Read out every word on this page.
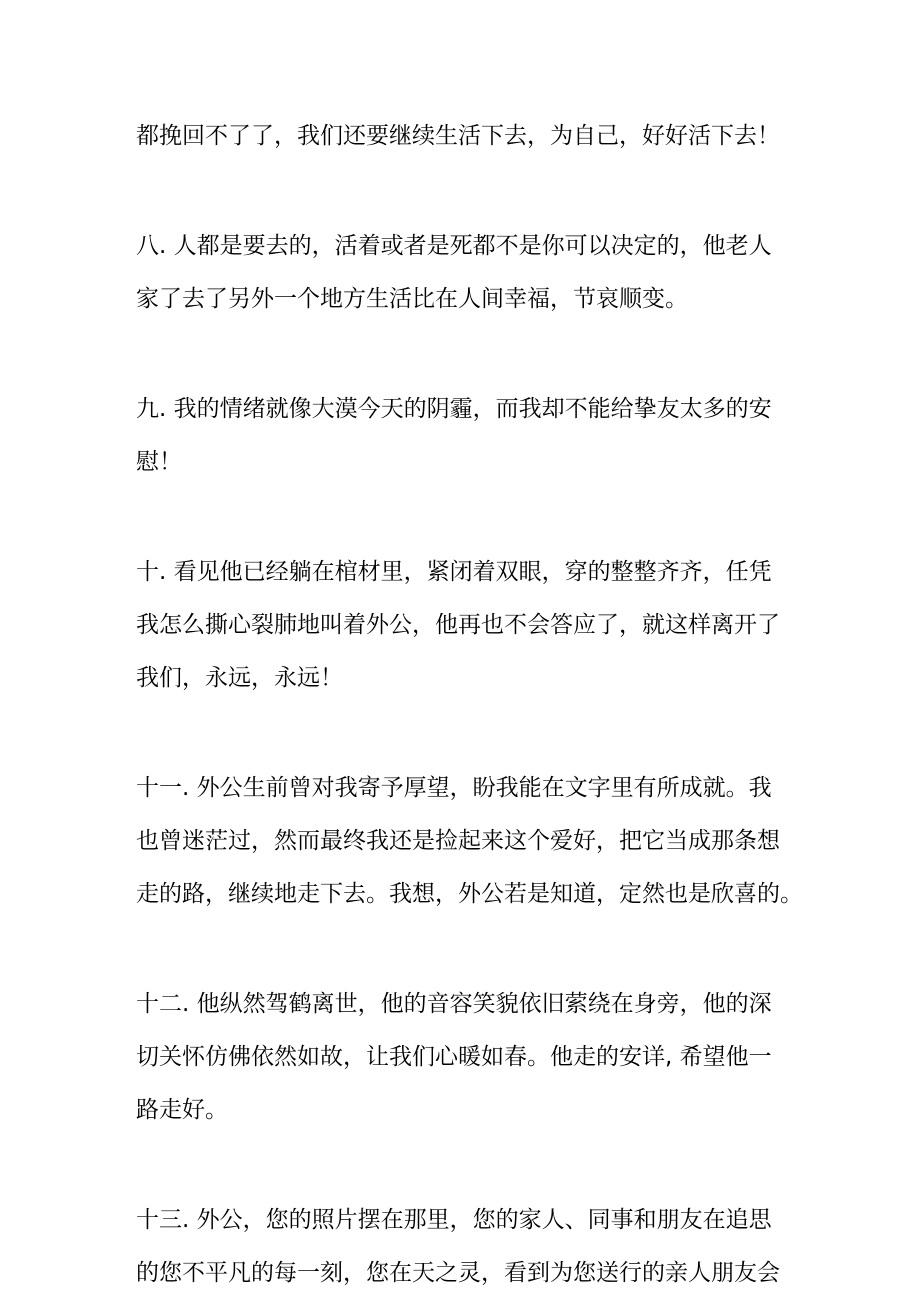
都挽回不了了，我们还要继续生活下去，为自己，好好活下去！

八. 人都是要去的，活着或者是死都不是你可以决定的，他老人
家了去了另外一个地方生活比在人间幸福，节哀顺变。

九. 我的情绪就像大漠今天的阴霾，而我却不能给挚友太多的安
慰！

十. 看见他已经躺在棺材里，紧闭着双眼，穿的整整齐齐，任凭
我怎么撕心裂肺地叫着外公，他再也不会答应了，就这样离开了
我们，永远，永远！

十一. 外公生前曾对我寄予厚望，盼我能在文字里有所成就。我
也曾迷茫过，然而最终我还是捡起来这个爱好，把它当成那条想
走的路，继续地走下去。我想，外公若是知道，定然也是欣喜的。

十二. 他纵然驾鹤离世，他的音容笑貌依旧萦绕在身旁，他的深
切关怀仿佛依然如故，让我们心暖如春。他走的安详, 希望他一
路走好。

十三. 外公，您的照片摆在那里，您的家人、同事和朋友在追思
的您不平凡的每一刻，您在天之灵，看到为您送行的亲人朋友会
